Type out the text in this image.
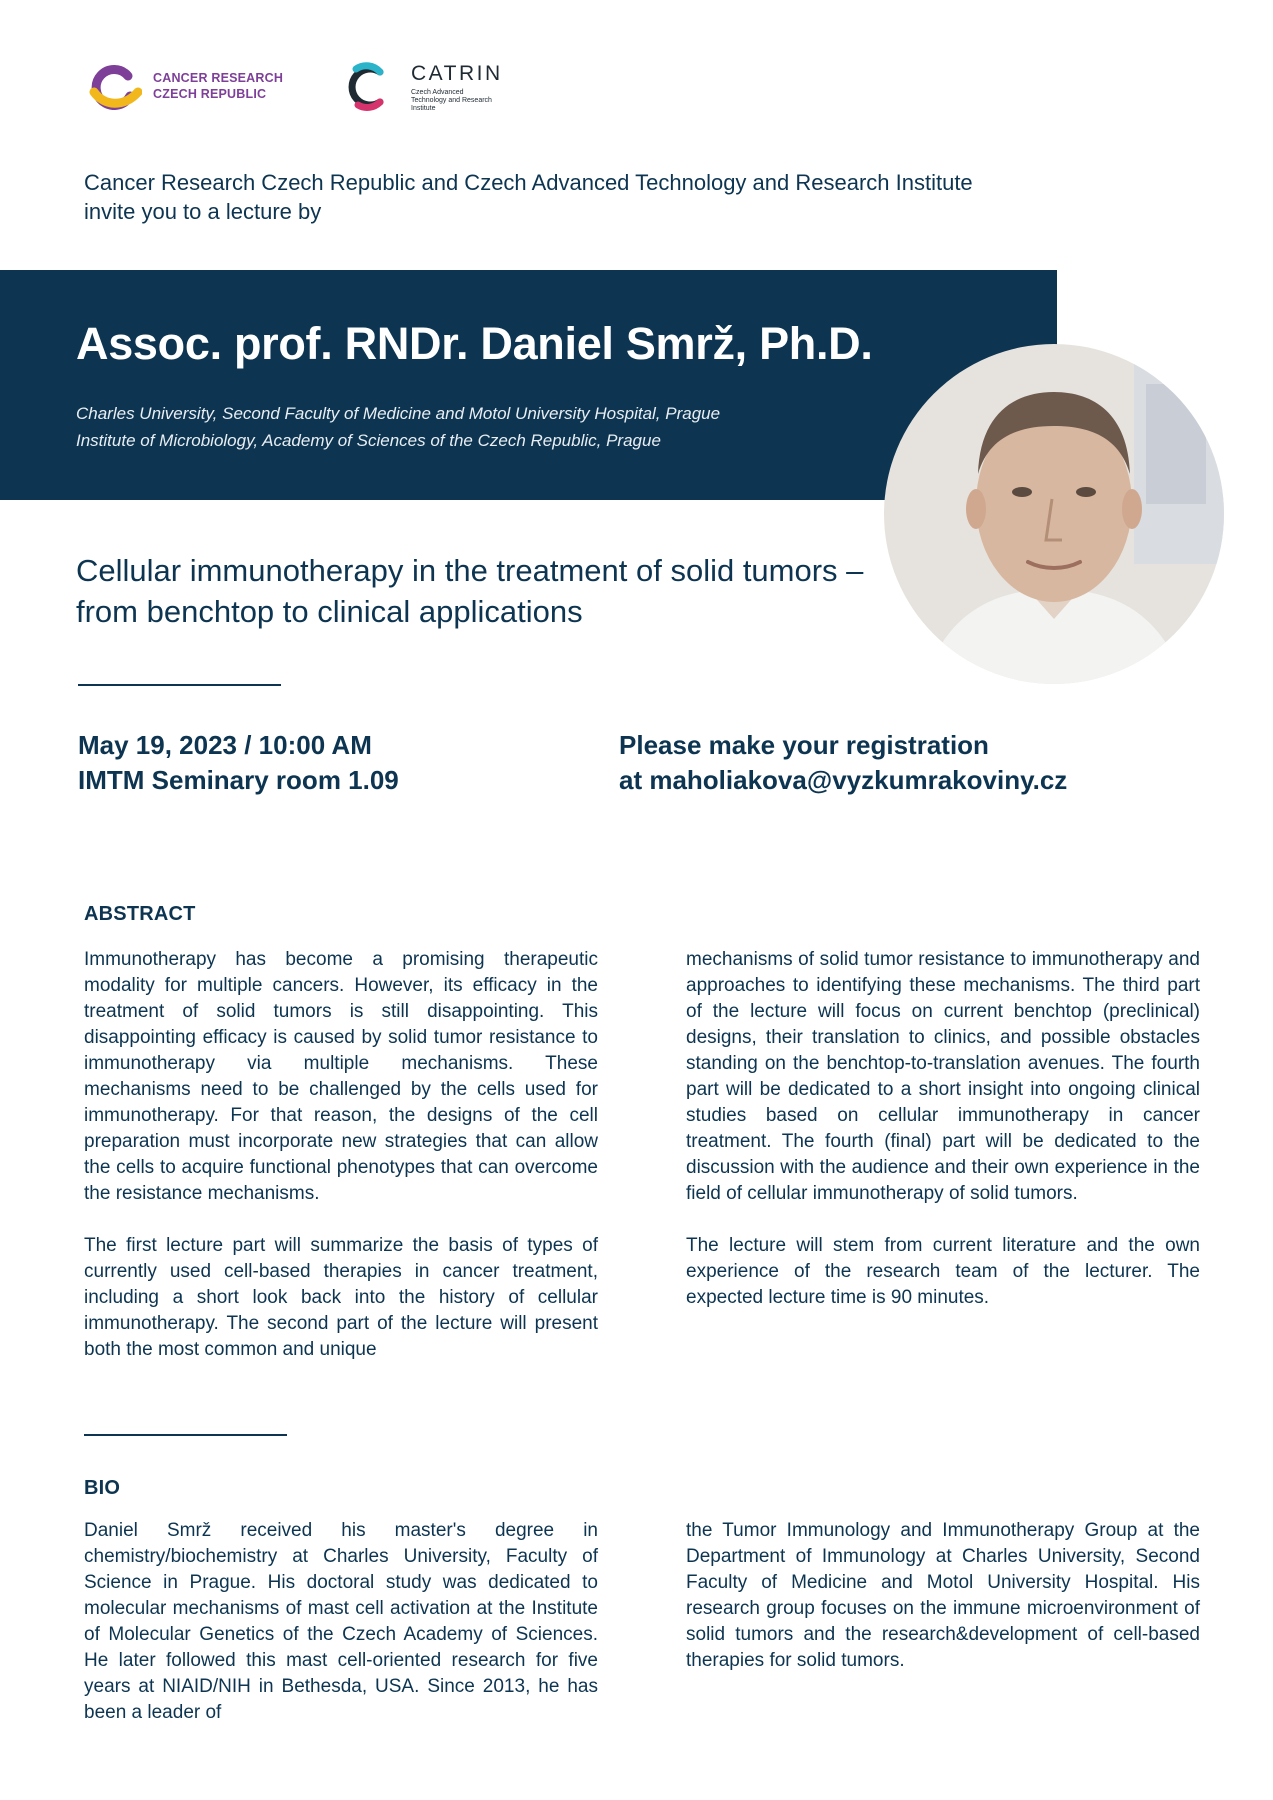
CANCER RESEARCH
CZECH REPUBLIC
CATRIN
Czech Advanced
Technology and Research
Institute
Cancer Research Czech Republic and Czech Advanced Technology and Research Institute
invite you to a lecture by
Assoc. prof. RNDr. Daniel Smrž, Ph.D.
Charles University, Second Faculty of Medicine and Motol University Hospital, Prague
Institute of Microbiology, Academy of Sciences of the Czech Republic, Prague
Cellular immunotherapy in the treatment of solid tumors – from benchtop to clinical applications
May 19, 2023 / 10:00 AM
IMTM Seminary room 1.09
Please make your registration
at maholiakova@vyzkumrakoviny.cz
ABSTRACT

Immunotherapy has become a promising therapeutic modality for multiple cancers. However, its efficacy in the treatment of solid tumors is still disappointing. This disappointing efficacy is caused by solid tumor resistance to immunotherapy via multiple mechanisms. These mechanisms need to be challenged by the cells used for immunotherapy. For that reason, the designs of the cell preparation must incorporate new strategies that can allow the cells to acquire functional phenotypes that can overcome the resistance mechanisms.

The first lecture part will summarize the basis of types of currently used cell-based therapies in cancer treatment, including a short look back into the history of cellular immunotherapy. The second part of the lecture will present both the most common and unique

mechanisms of solid tumor resistance to immunotherapy and approaches to identifying these mechanisms. The third part of the lecture will focus on current benchtop (preclinical) designs, their translation to clinics, and possible obstacles standing on the benchtop-to-translation avenues. The fourth part will be dedicated to a short insight into ongoing clinical studies based on cellular immunotherapy in cancer treatment. The fourth (final) part will be dedicated to the discussion with the audience and their own experience in the field of cellular immunotherapy of solid tumors.

The lecture will stem from current literature and the own experience of the research team of the lecturer. The expected lecture time is 90 minutes.

BIO

Daniel Smrž received his master's degree in chemistry/biochemistry at Charles University, Faculty of Science in Prague. His doctoral study was dedicated to molecular mechanisms of mast cell activation at the Institute of Molecular Genetics of the Czech Academy of Sciences. He later followed this mast cell-oriented research for five years at NIAID/NIH in Bethesda, USA. Since 2013, he has been a leader of

the Tumor Immunology and Immunotherapy Group at the Department of Immunology at Charles University, Second Faculty of Medicine and Motol University Hospital. His research group focuses on the immune microenvironment of solid tumors and the research&development of cell-based therapies for solid tumors.
